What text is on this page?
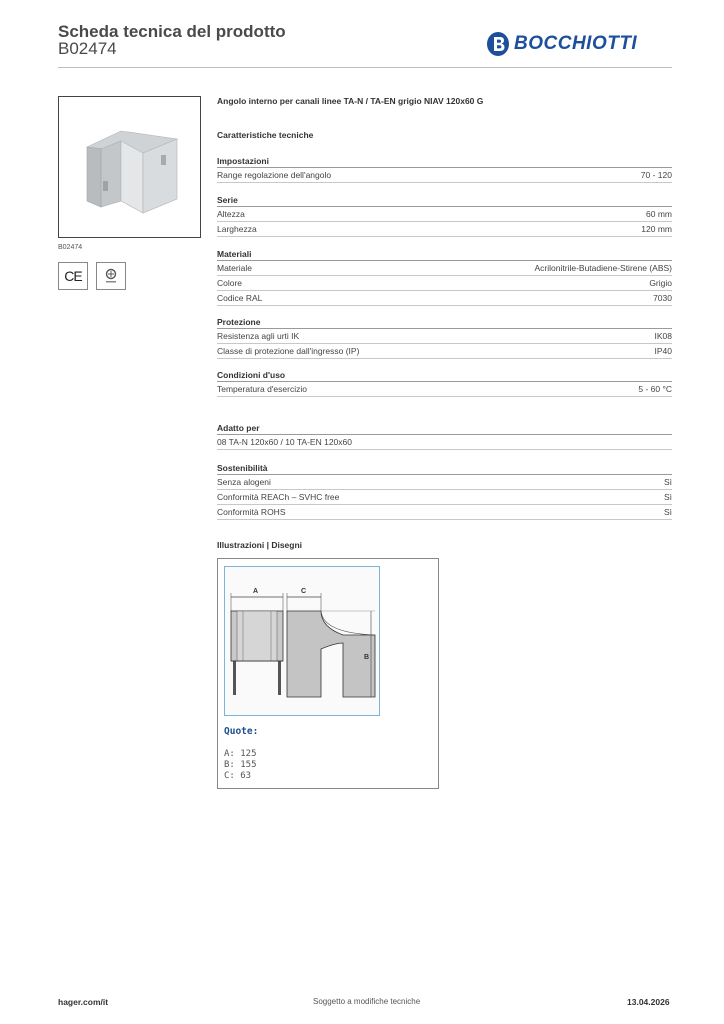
Scheda tecnica del prodotto
B02474	BOCCHIOTTI
B02474
CE
Angolo interno per canali linee TA-N / TA-EN grigio NIAV 120x60 G
Caratteristiche tecniche
Impostazioni
Range regolazione dell'angolo	70 - 120
Serie
Altezza	60 mm
Larghezza	120 mm
Materiali
Materiale	Acrilonitrile-Butadiene-Stirene (ABS)
Colore	Grigio
Codice RAL	7030
Protezione
Resistenza agli urti IK	IK08
Classe di protezione dall'ingresso (IP)	IP40
Condizioni d'uso
Temperatura d'esercizio	5 - 60 °C
Adatto per
08 TA-N 120x60 / 10 TA-EN 120x60
Sostenibilità
Senza alogeni	Sì
Conformità REACh – SVHC free	Sì
Conformità ROHS	Sì
Illustrazioni | Disegni
A	C
B
Quote:
A: 125
B: 155
C: 63
hager.com/it	Soggetto a modifiche tecniche	13.04.2026
